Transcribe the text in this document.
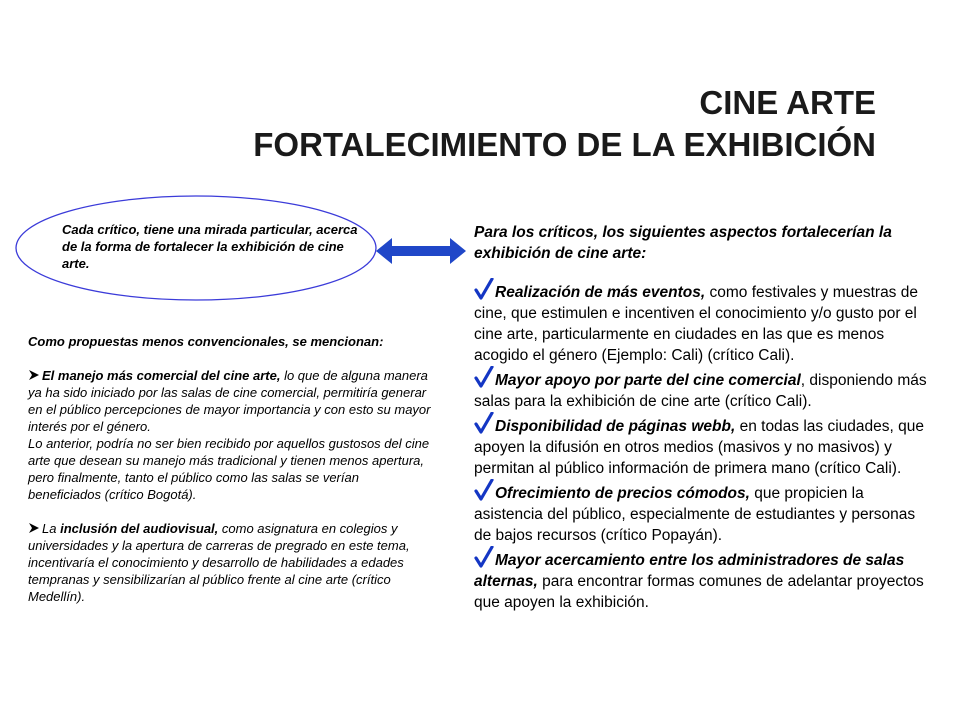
CINE ARTE
FORTALECIMIENTO DE LA EXHIBICIÓN
Cada crítico, tiene una mirada particular, acerca de la forma de fortalecer la exhibición de cine arte.

Como propuestas menos convencionales, se mencionan:

El manejo más comercial del cine arte, lo que de alguna manera ya ha sido iniciado por las salas de cine comercial, permitiría generar en el público percepciones de mayor importancia y con esto su mayor interés por el género.

Lo anterior, podría no ser bien recibido por aquellos gustosos del cine arte que desean su manejo más tradicional y tienen menos apertura, pero finalmente, tanto el público como las salas se verían beneficiados (crítico Bogotá).

La inclusión del audiovisual, como asignatura en colegios y universidades y la apertura de carreras de pregrado en este tema, incentivaría el conocimiento y desarrollo de habilidades a edades tempranas y sensibilizarían al público frente al cine arte (crítico Medellín).

Para los críticos, los siguientes aspectos fortalecerían la exhibición de cine arte:

Realización de más eventos, como festivales y muestras de cine, que estimulen e incentiven el conocimiento y/o gusto por el cine arte, particularmente en ciudades en las que es menos acogido el género (Ejemplo: Cali) (crítico Cali).

Mayor apoyo por parte del cine comercial, disponiendo más salas para la exhibición de cine arte (crítico Cali).

Disponibilidad de páginas webb, en todas las ciudades, que apoyen la difusión en otros medios (masivos y no masivos) y permitan al público información de primera mano (crítico Cali).

Ofrecimiento de precios cómodos, que propicien la asistencia del público, especialmente de estudiantes y personas de bajos recursos (crítico Popayán).

Mayor acercamiento entre los administradores de salas alternas, para encontrar formas comunes de adelantar proyectos que apoyen la exhibición.
